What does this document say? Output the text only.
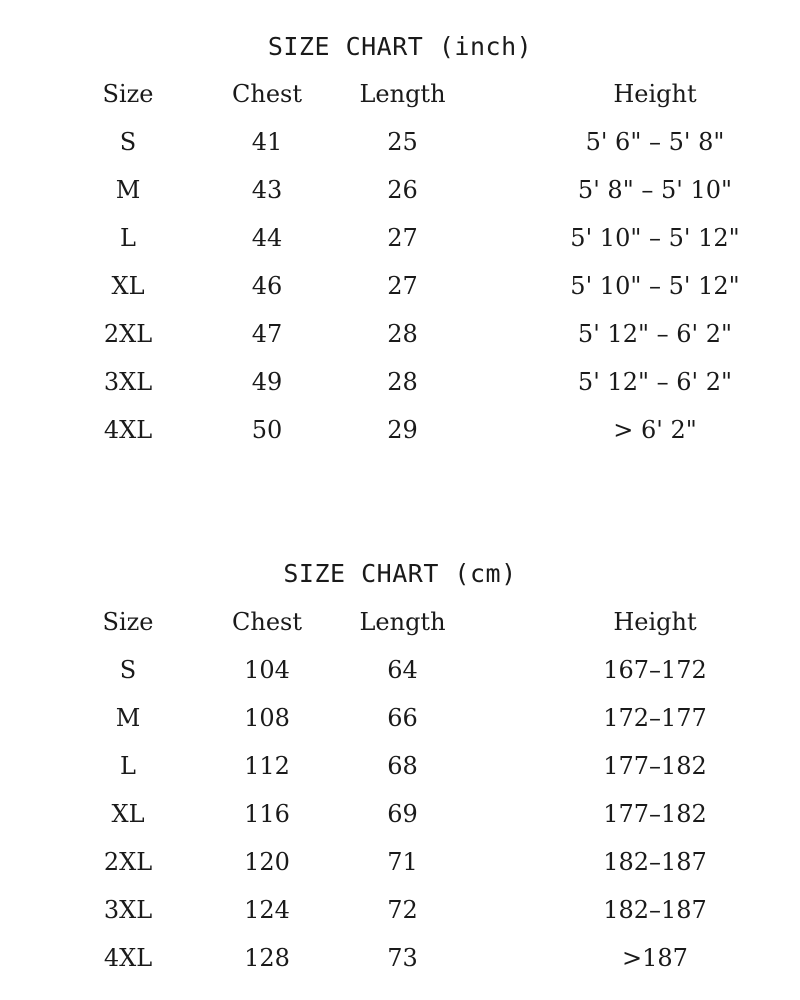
SIZE CHART (inch)
Size	Chest	Length	Height
S	41	25	5' 6" – 5' 8"
M	43	26	5' 8" – 5' 10"
L	44	27	5' 10" – 5' 12"
XL	46	27	5' 10" – 5' 12"
2XL	47	28	5' 12" – 6' 2"
3XL	49	28	5' 12" – 6' 2"
4XL	50	29	> 6' 2"
SIZE CHART (cm)
Size	Chest	Length	Height
S	104	64	167–172
M	108	66	172–177
L	112	68	177–182
XL	116	69	177–182
2XL	120	71	182–187
3XL	124	72	182–187
4XL	128	73	>187
